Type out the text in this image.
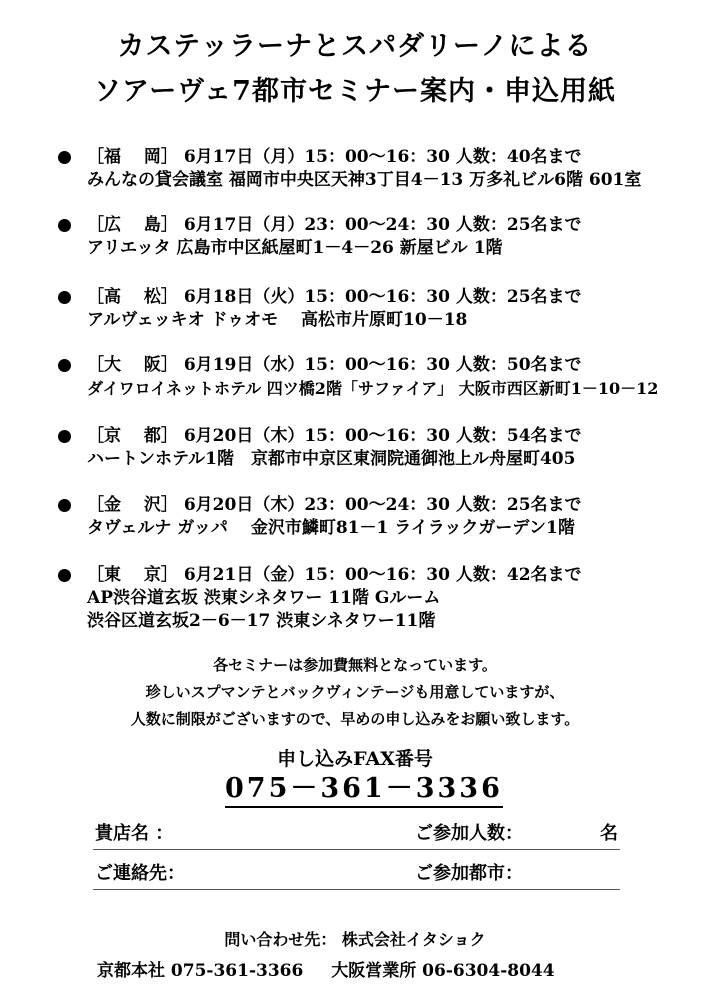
カステッラーナとスパダリーノによる
ソアーヴェ7都市セミナー案内・申込用紙
［福　 岡］ 6月17日（月）15：00～16：30 人数：40名まで
みんなの貸会議室 福岡市中央区天神3丁目4－13 万多礼ビル6階 601室
［広　 島］ 6月17日（月）23：00～24：30 人数：25名まで
アリエッタ 広島市中区紙屋町1－4－26 新屋ビル 1階
［高　 松］ 6月18日（火）15：00～16：30 人数：25名まで
アルヴェッキオ ドゥオモ　 高松市片原町10－18
［大　 阪］ 6月19日（水）15：00～16：30 人数：50名まで
ダイワロイネットホテル 四ツ橋2階「サファイア」 大阪市西区新町1－10－12
［京　 都］ 6月20日（木）15：00～16：30 人数：54名まで
ハートンホテル1階　京都市中京区東洞院通御池上ル舟屋町405
［金　 沢］ 6月20日（木）23：00～24：30 人数：25名まで
タヴェルナ ガッパ　 金沢市鱗町81－1 ライラックガーデン1階
［東　 京］ 6月21日（金）15：00～16：30 人数：42名まで
AP渋谷道玄坂 渋東シネタワー 11階 Gルーム
渋谷区道玄坂2－6－17 渋東シネタワー11階
各セミナーは参加費無料となっています。
珍しいスプマンテとバックヴィンテージも用意していますが、
人数に制限がございますので、早めの申し込みをお願い致します。
申し込みFAX番号
075－361－3336
貴店名 ：	ご参加人数：	名
ご連絡先：	ご参加都市：
問い合わせ先： 株式会社イタショク
京都本社 075-361-3366 大阪営業所 06-6304-8044
